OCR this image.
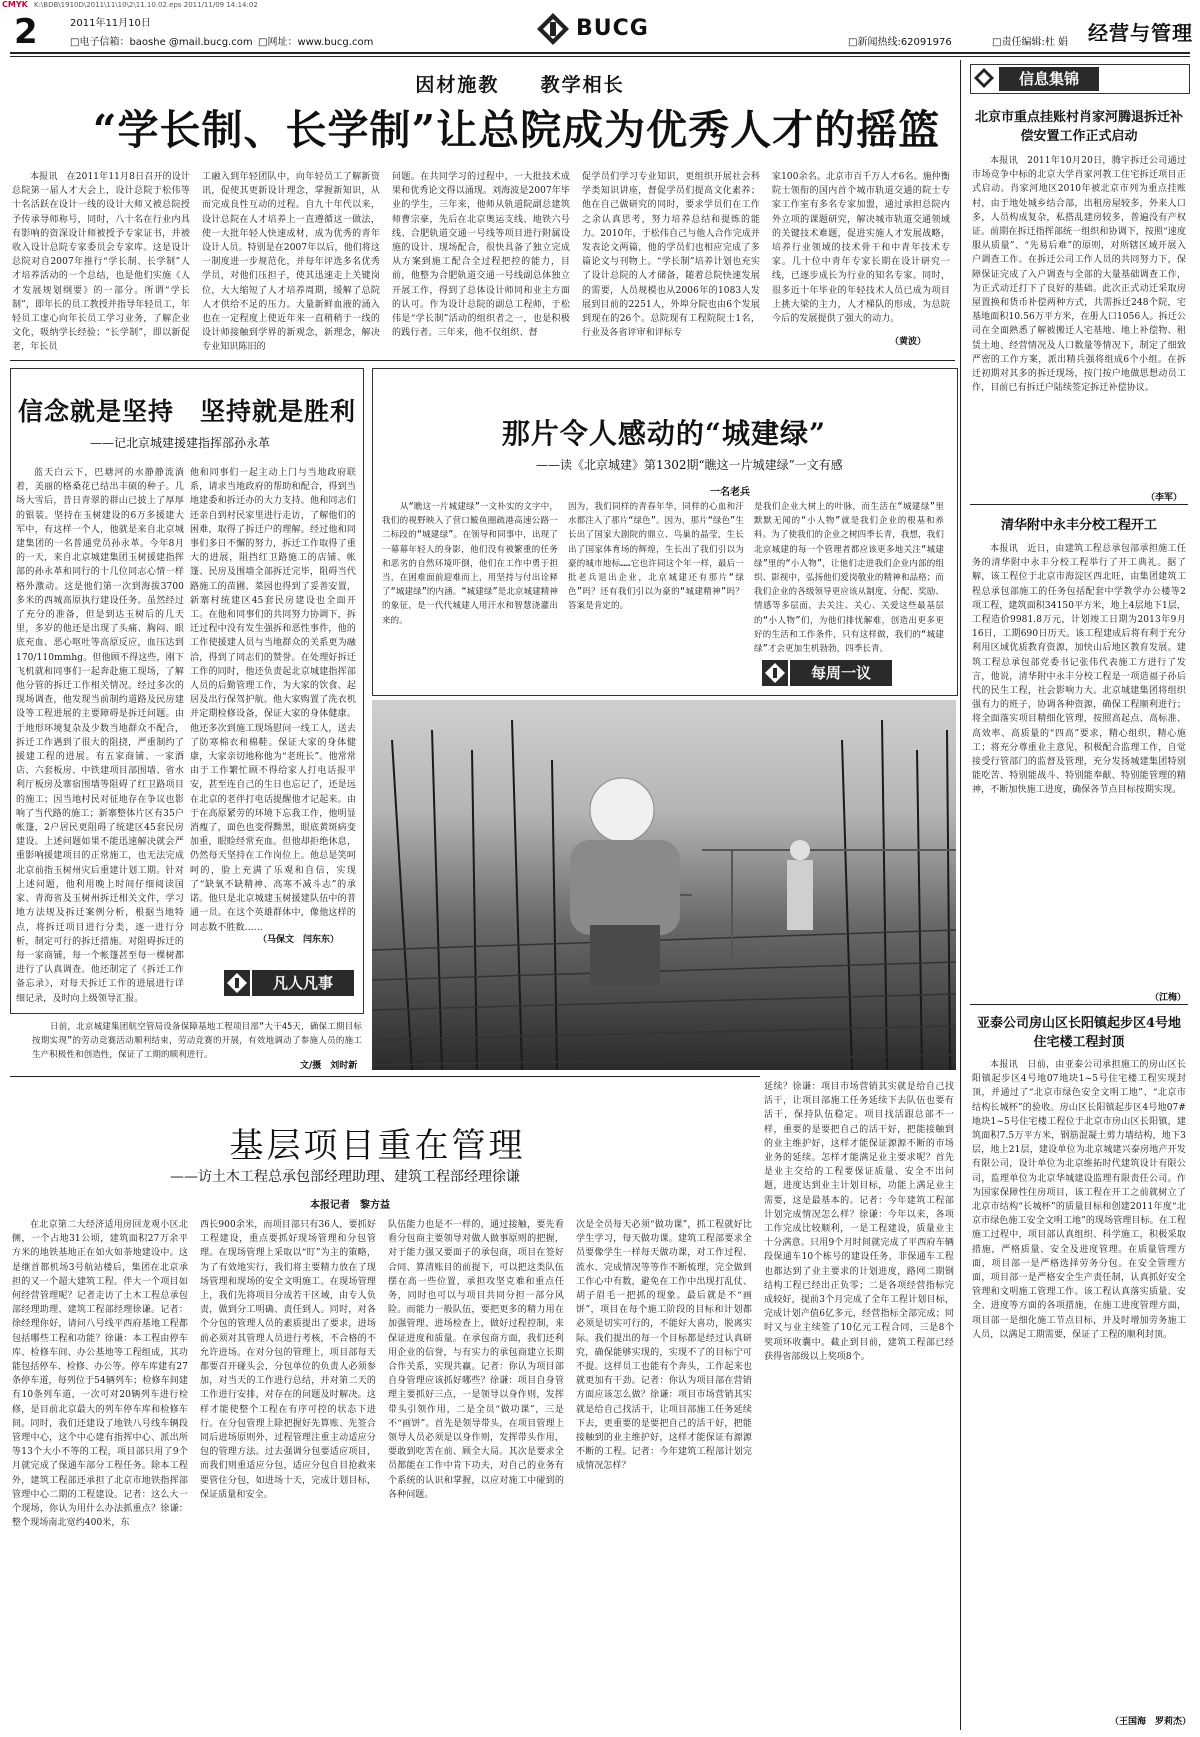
CMYK K:\BDB\1910D\2011\11\10\2\11.10.02.eps 2011/11/09 14:14:02
2	2011年11月10日
□电子信箱：baoshe @mail.bucg.com □网址：www.bucg.com
BUCG
□新闻热线:62091976	□责任编辑:杜 娟 经营与管理
因材施教 教学相长
“学长制、长学制”让总院成为优秀人才的摇篮

本报讯　在2011年11月8日召开的设计总院第一届人才大会上，设计总院于松伟等十名活跃在设计一线的设计大师又被总院授予传承导师称号，同时，八十名在行业内具有影响的资深设计师被授予专家证书，并被收入设计总院专家委员会专家库。这是设计总院对自2007年推行“学长制、长学制”人才培养活动的一个总结，也是他们实施《人才发展规划纲要》的一部分。所谓“学长制”，即年长的员工教授并指导年轻员工，年轻员工虚心向年长员工学习业务，了解企业文化，吸纳学长经验；“长学制”，即以新促老，年长员

工融入到年轻团队中，向年轻员工了解新资讯，促使其更新设计理念，掌握新知识，从而完成良性互动的过程。自九十年代以来，设计总院在人才培养上一直遵循这一做法，使一大批年轻人快速成材，成为优秀的青年设计人员。特别是在2007年以后，他们将这一制度进一步规范化，并每年评选多名优秀学员，对他们压担子，使其迅速走上关键岗位，大大缩短了人才培养周期，缓解了总院人才供给不足的压力。大量新鲜血液的涌入也在一定程度上使近年来一直稍稍于一线的设计师接触到学界的新观念，新理念，解决专业知识陈旧的

问题。在共同学习的过程中，一大批技术成果和优秀论文得以涌现。刘海波是2007年毕业的学生，三年来，他师从轨道院副总建筑师曹宗豪，先后在北京奥运支线、地铁六号线、合肥轨道交通一号线等项目进行附属设施的设计、现场配合，很快具备了独立完成从方案到施工配合全过程把控的能力，目前，他整为合肥轨道交通一号线副总体独立开展工作，得到了总体设计师同和业主方面的认可。作为设计总院的副总工程师，于松伟是“学长制”活动的组织者之一，也是积极的践行者。三年来，他不仅组织、督

促学员们学习专业知识，更组织开展社会科学类知识讲座，督促学员们提高文化素养；他在自己做研究的同时，要求学员们在工作之余认真思考，努力培养总结和提炼的能力。2010年，于松伟自己与他人合作完成并发表论文两篇，他的学员们也相应完成了多篇论文与刊物上。“学长制”培养计划也充实了设计总院的人才储备，随着总院快速发展的需要，人员规模也从2006年的1083人发展到目前的2251人，外埠分院也由6个发展到现在的26个。总院现有工程院院士1名，行业及各省评审和评标专

家100余名。北京市百千万人才6名。施仲衡院士领衔的国内首个城市轨道交通的院士专家工作室有多名专家加盟，通过承担总院内外立项的课题研究，解决城市轨道交通领域的关键技术难题，促进实施人才发展战略，培养行业领域的技术骨干和中青年技术专家。几十位中青年专家长期在设计研究一线，已逐步成长为行业的知名专家。同时，很多近十年毕业的年轻技术人员已成为项目上挑大梁的主力，人才梯队的形成，为总院今后的发展提供了强大的动力。

（黄波）
信念就是坚持　坚持就是胜利
——记北京城建援建指挥部孙永革

蓝天白云下，巴塘河的水静静流淌着，美丽的格桑花已结出丰硕的种子。几场大雪后，昔日青翠的群山已披上了厚厚的银装。坚持在玉树建设的6万多援建大军中，有这样一个人，他就是来自北京城建集团的一名普通党员孙永革。今年8月的一天，来自北京城建集团玉树援建指挥部的孙永革和同行的十几位同志心情一样格外激动。这是他们第一次到海拔3700多米的西城高原执行建设任务。虽然经过了充分的准备，但是到达玉树后的几天里，多岁的他还是出现了头痛、胸闷、眼底充血、恶心呕吐等高原反应，血压达到170/110mmhg。但他顾不得这些，刚下飞机就和同事们一起奔赴施工现场，了解他分管的拆迁工作相关情况。经过多次的现场调查，他发现当前制约道路及民房建设等工程进展的主要障碍是拆迁问题。由于地形环境复杂及少数当地群众不配合，拆迁工作遇到了很大的阻挠，严重制约了援建工程的进展。有五家商铺、一家酒店、六套板房、中铁建项目部围墙、省水利厅板房及寨宿围墙等阻碍了红卫路项目的施工；因当地村民对征地存在争议也影响了当代路的施工；新寨整体片区有35户帐篷，2户居民更阻碍了统建区45套民房建设。上述问题如果不能迅速解决就会严重影响援建项目的正常施工，也无法完成北京前指玉树州灾后重建计划工期。针对上述问题，他利用晚上时间仔细阅读国家、青海省及玉树州拆迁相关文件，学习地方法规及拆迁案例分析，根据当地特点，将拆迁项目进行分类，逐一进行分析，制定可行的拆迁措施。对阻碍拆迁的每一家商铺，每一个帐篷甚至每一棵树都进行了认真调查。他还制定了《拆迁工作备忘录》，对每天拆迁工作的进展进行详细记录，及时向上级领导汇报。

他和同事们一起主动上门与当地政府联系，请求当地政府的帮助和配合，得到当地建委和拆迁办的大力支持。他和同志们还亲自到村民家里进行走访，了解他们的困难，取得了拆迁户的理解。经过他和同事们多日不懈的努力，拆迁工作取得了重大的进展，阻挡红卫路施工的店铺、帐篷、民房及围墙全部拆迁完毕，阻碍当代路施工的苗圃、菜园也得到了妥善安置，新寨村统建区45套民房建设也全面开工。在他和同事们的共同努力协调下，拆迁过程中没有发生强拆和恶性事件，他的工作使援建人员与当地群众的关系更为融洽，得到了同志们的赞誉。在处理好拆迁工作的同时，他还负责起北京城建指挥部人员的后勤管理工作，为大家的饮食、起居及出行保驾护航。他大家购置了洗衣机并定期检修设备，保证大家的身体健康。他还多次到施工现场慰问一线工人，送去了防寒棉衣和棉鞋。保证大家的身体健康，大家亲切地称他为“老班长”。他常常由于工作繁忙顾不得给家人打电话报平安，甚至连自己的生日也忘记了，还是远在北京的老伴打电话提醒他才记起来。由于在高原紧劳的环境下忘我工作，他明显消瘦了，面色也变得黝黑，眼底黄斑病变加重，眼睑经常充血。但他却拒绝休息，仍然每天坚持在工作岗位上。他总是笑呵呵的，脸上充满了乐观和自信，实现了“缺氧不缺精神、高寒不减斗志”的承诺。他只是北京城建玉树援建队伍中的普通一员。在这个英雄群体中，像他这样的同志数不胜数……

（马保文　闫东东）
凡人凡事
那片令人感动的“城建绿”
——读《北京城建》第1302期“瞧这一片城建绿”一文有感
一名老兵

从“瞧这一片城建绿”一文朴实的文字中，我们的视野映入了营口鲅鱼圈疏港高速公路一二标段的“城建绿”。在领导和同事中，出现了一幕幕年轻人的身影，他们没有被繁重的任务和恶劣的自然环境吓倒，他们在工作中勇于担当，在困难面前迎难而上，用坚持与付出诠释了“城建绿”的内涵。“城建绿”是北京城建精神的象征，是一代代城建人用汗水和智慧浇灌出来的。

因为，我们同样的青春年华，同样的心血和汗水都注入了那片“绿色”。因为，那片“绿色”生长出了国家大剧院的鼎立、鸟巢的晶莹，生长出了国家体育场的辉煌，生长出了我们引以为豪的城市地标……它也许同这个年一样，最后一批老兵退出企业，北京城建还有那片“绿色”吗？还有我们引以为豪的“城建精神”吗？答案是肯定的。

是我们企业大树上的叶脉，而生活在“城建绿”里默默无闻的“小人物”就是我们企业的根基和养料。为了使我们的企业之树四季长青，我想，我们北京城建的每一个管理者都应该更多地关注“城建绿”里的“小人物”，让他们走进我们企业内部的组织、影视中，弘扬他们爱岗敬业的精神和品格；而我们企业的各级领导更应该从制度、分配、奖励、情感等多层面，去关注、关心、关爱这些最基层的“小人物”们，为他们排忧解难，创造出更多更好的生活和工作条件，只有这样做，我们的“城建绿”才会更加生机勃勃，四季长青。

每周一议

日前，北京城建集团航空管局设备保障基地工程项目部“大干45天，确保工期目标按期实现”的劳动竞赛活动顺利结束，劳动竞赛的开展，有效地调动了参施人员的施工生产积极性和创造性，保证了工期的顺利进行。

文/摄　刘时新
基层项目重在管理
——访土木工程总承包部经理助理、建筑工程部经理徐谦
本报记者　黎方益

在北京第二大经济适用房回龙观小区北侧，一个占地31公顷，建筑面积27万余平方米的地铁基地正在如火如荼地建设中。这是继首都机场3号航站楼后，集团在北京承担的又一个超大建筑工程。伴大一个项目如何经营管理呢？记者走访了土木工程总承包部经理助理、建筑工程部经理徐谦。记者：徐经理你好，请问八号线平西府基地工程都包括哪些工程和功能？徐谦：本工程由停车库、检修车间、办公基地等工程组成，其功能包括停车、检修、办公等。停车库建有27条停车道，每列位于54辆列车；检修车间建有10条列车道，一次可对20辆列车进行检修，是目前北京最大的列车停车库和检修车间。同时，我们还建设了地铁八号线车辆段管理中心，这个中心建有指挥中心、派出所等13个大小不等的工程，项目部只用了9个月就完成了保通车部分工程任务。除本工程外，建筑工程部还承担了北京市地铁指挥部管理中心二期的工程建设。记者：这么大一个现场，你认为用什么办法抓重点？徐谦：整个现场南北宽约400米，东

西长900余米，而项目部只有36人，要抓好工程建设，重点要抓好现场管理和分包管理。在现场管理上采取以“盯”为主的策略，为了有效地实行，我们将主要精力放在了现场管理和现场的安全文明施工。在现场管理上，我们先将项目分成若干区域，由专人负责，做到分工明确、责任到人。同时，对各个分包的管理人员的素质提出了要求，进场前必须对其管理人员进行考核，不合格的不允许进场。在对分包的管理上，项目部每天都要召开碰头会，分包单位的负责人必须参加，对当天的工作进行总结，并对第二天的工作进行安排，对存在的问题及时解决。这样才能使整个工程在有序可控的状态下进行。在分包管理上除把握好先算账、先签合同后进场原则外，过程管理注重主动适应分包的管理方法。过去强调分包要适应项目，而我们则重适应分包，适应分包自目抢救来要管住分包，如进场十天，完成计划目标，保证质量和安全。

队伍能力也是不一样的，通过接触，要先看看分包商主要领导对做人做事原则的把握，对于能力强又要面子的承包商，项目在签好合同、算清账目的前提下，可以把这类队伍摆在高一些位置，承担攻坚克难和重点任务，同时也可以与项目共同分担一部分风险。而能力一般队伍，要把更多的精力用在加强管理、进场检查上，做好过程控制，来保证进度和质量。在承包商方面，我们还利用企业的信誉，与有实力的承包商建立长期合作关系，实现共赢。记者：你认为项目部自身管理应该抓好哪些？徐谦：项目自身管理主要抓好三点，一是领导以身作则，发挥带头引领作用，二是全员“做功课”，三是不“画饼”。首先是领导带头，在项目管理上领导人员必须是以身作则，发挥带头作用，要敢到吃苦在前、顾全大局。其次是要求全员都能在工作中肯下功夫，对自己的业务有个系统的认识和掌握，以应对施工中碰到的各种问题。

次是全员每天必须“做功课”，抓工程就好比学生学习，每天做功课。建筑工程部要求全员要像学生一样每天做功课，对工作过程、流水、完成情况等等作不断梳理，完全做到工作心中有数，避免在工作中出现打乱仗、胡子眉毛一把抓的现象。最后就是不“画饼”，项目在每个施工阶段的目标和计划都必须是切实可行的，不能好大喜功，脱离实际。我们提出的每一个目标都是经过认真研究，确保能够实现的，实现不了的目标宁可不提。这样员工也能有个奔头，工作起来也就更加有干劲。记者：你认为项目部在营销方面应该怎么做？徐谦：项目市场营销其实就是给自己找活干，让项目部施工任务延续下去，更重要的是要把自己的活干好，把能接触到的业主维护好，这样才能保证有源源不断的工程。记者：今年建筑工程部计划完成情况怎样？

延续？徐谦：项目市场营销其实就是给自己找活干，让项目部施工任务延续下去队伍也要有活干，保持队伍稳定。项目找活跟总部不一样，重要的是要把自己的活干好，把能接触到的业主维护好，这样才能保证源源不断的市场业务的延续。怎样才能满足业主要求呢？首先是业主交给的工程要保证质量、安全不出问题，进度达到业主计划目标，功能上满足业主需要，这是最基本的。记者：今年建筑工程部计划完成情况怎么样？徐谦：今年以来，各项工作完成比较顺利，一是工程建设，质量业主十分满意。只用9个月时间就完成了平西府车辆段保通车10个栋号的建设任务，非保通车工程也都达到了业主要求的计划进度，路网二期钢结构工程已经出正负零；二是各项经营指标完成较好，提前3个月完成了全年工程计划目标，完成计划产值6亿多元，经营指标全部完成；同时又与业主续签了10亿元工程合同，三是8个奖项环收囊中。截止到目前，建筑工程部已经获得省部级以上奖项8个。

信息集锦
北京市重点挂账村肖家河腾退拆迁补偿安置工作正式启动

本报讯　2011年10月20日，腾宇拆迁公司通过市场竞争中标的北京大学肖家河教工住宅拆迁项目正式启动。肖家河地区2010年被北京市列为重点挂账村，由于地处城乡结合部，出租房屋较多，外来人口多，人员构成复杂，私搭乱建房较多，普遍没有产权证。前期在拆迁指挥部统一组织和协调下，按照“速度服从质量”、“先易后难”的原则，对所辖区域开展入户调查工作。在拆迁公司工作人员的共同努力下，保障保证完成了入户调查与全部的大量基础调查工作，为正式动迁打下了良好的基础。此次正式动迁采取房屋置换和货币补偿两种方式，共需拆迁248个院，宅基地面积10.56万平方米，在册人口1056人。拆迁公司在全面熟悉了解被搬迁人宅基地、地上补偿物、租赁土地、经营情况及人口数量等情况下，制定了细致严密的工作方案，派出精兵强将组成6个小组。在拆迁初期对其多的拆迁现场，按门按户地做思想动员工作，目前已有拆迁户陆续签定拆迁补偿协议。

（李军）
清华附中永丰分校工程开工

本报讯　近日，由建筑工程总承包部承担施工任务的清华附中永丰分校工程举行了开工典礼。据了解，该工程位于北京市海淀区西北旺，由集团建筑工程总承包部施工的任务包括配套中学教学办公楼等2项工程，建筑面积34150平方米，地上4层地下1层，工程造价9981.8万元，计划竣工日期为2013年9月16日，工期690日历天。该工程建成后将有利于充分利用区域优质教育资源，加快山后地区教育发展。建筑工程总承包部党委书记张伟代表施工方进行了发言，他说，清华附中永丰分校工程是一项造福子孙后代的民生工程，社会影响力大。北京城建集团将组织强有力的班子，协调各种资源，确保工程顺利进行；将全面落实项目精细化管理，按照高起点、高标准、高效率、高质量的“四高”要求，精心组织，精心施工；将充分尊重业主意见，积极配合监理工作，自觉接受行管部门的监督及管理，充分发扬城建集团特别能吃苦、特别能战斗、特别能奉献、特别能管理的精神，不断加快施工进度，确保各节点目标按期实现。

（江梅）
亚泰公司房山区长阳镇起步区4号地住宅楼工程封顶

本报讯　日前，由亚泰公司承担施工的房山区长阳镇起步区4号地07地块1~5号住宅楼工程实现封顶，并通过了“北京市绿色安全文明工地”、“北京市结构长城杯”的验收。房山区长阳镇起步区4号地07#地块1~5号住宅楼工程位于北京市房山区长阳镇，建筑面积7.5万平方米，钢筋混凝土剪力墙结构，地下3层，地上21层，建设单位为北京城建兴泰房地产开发有限公司，设计单位为北京维拓时代建筑设计有限公司，监理单位为北京华城建设监理有限责任公司。作为国家保障性住房项目，该工程在开工之前就树立了北京市结构“长城杯”的质量目标和创建2011年度“北京市绿色施工安全文明工地”的现场管理目标。在工程施工过程中，项目部认真组织、科学施工，积极采取措施，严格质量、安全及进度管理。在质量管理方面，项目部一是严格选择劳务分包。在安全管理方面，项目部一是严格安全生产责任制，认真抓好安全管理和文明施工管理工作。该工程认真落实质量、安全、进度等方面的各项措施，在施工进度管理方面，项目部一是细化施工节点目标，并及时增加劳务施工人员，以满足工期需要，保证了工程的顺利封顶。

（王国海　罗莉杰）
